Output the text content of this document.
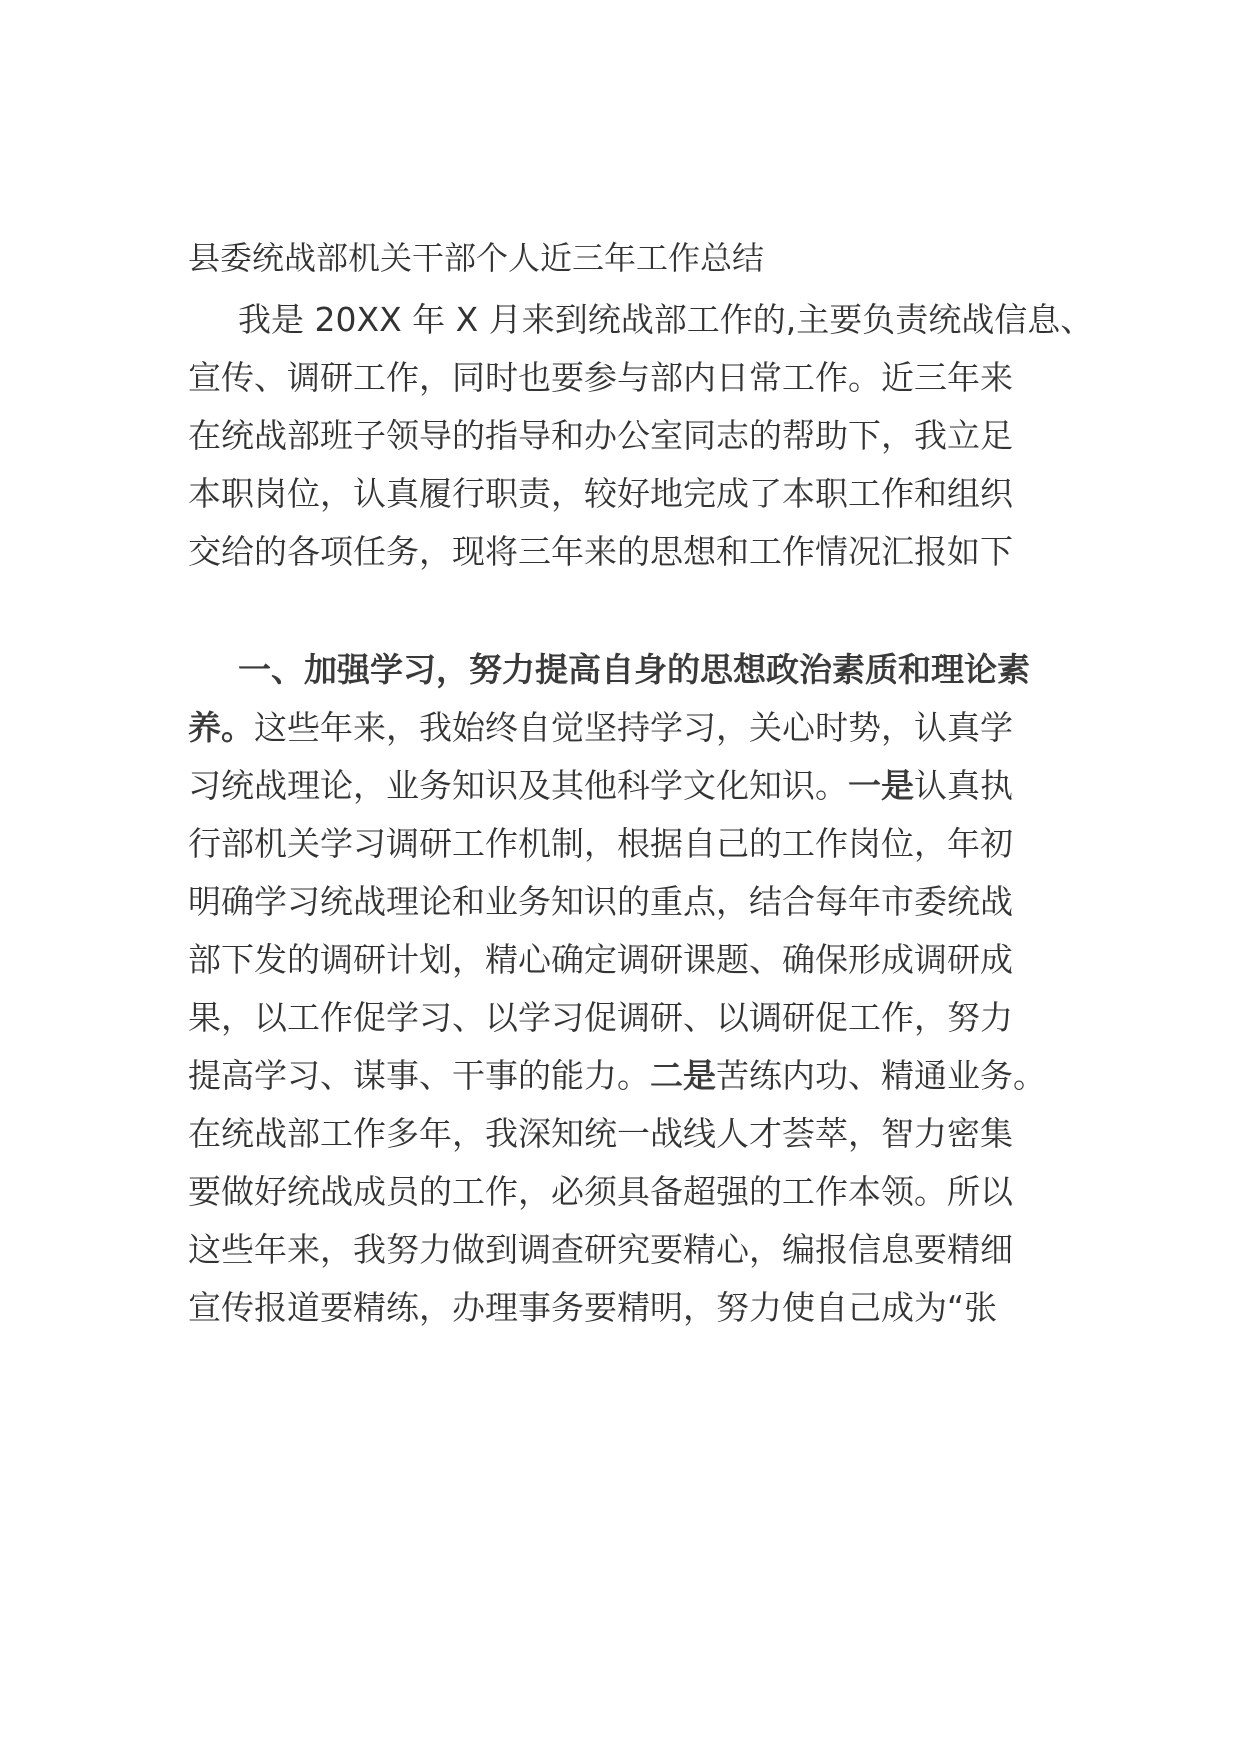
县委统战部机关干部个人近三年工作总结
我是 20XX 年 X 月来到统战部工作的,主要负责统战信息、
宣传、调研工作，同时也要参与部内日常工作。近三年来
在统战部班子领导的指导和办公室同志的帮助下，我立足
本职岗位，认真履行职责，较好地完成了本职工作和组织
交给的各项任务，现将三年来的思想和工作情况汇报如下
一、加强学习，努力提高自身的思想政治素质和理论素
养。这些年来，我始终自觉坚持学习，关心时势，认真学
习统战理论，业务知识及其他科学文化知识。一是认真执
行部机关学习调研工作机制，根据自己的工作岗位，年初
明确学习统战理论和业务知识的重点，结合每年市委统战
部下发的调研计划，精心确定调研课题、确保形成调研成
果，以工作促学习、以学习促调研、以调研促工作，努力
提高学习、谋事、干事的能力。二是苦练内功、精通业务。
在统战部工作多年，我深知统一战线人才荟萃，智力密集
要做好统战成员的工作，必须具备超强的工作本领。所以
这些年来，我努力做到调查研究要精心，编报信息要精细
宣传报道要精练，办理事务要精明，努力使自己成为“张
